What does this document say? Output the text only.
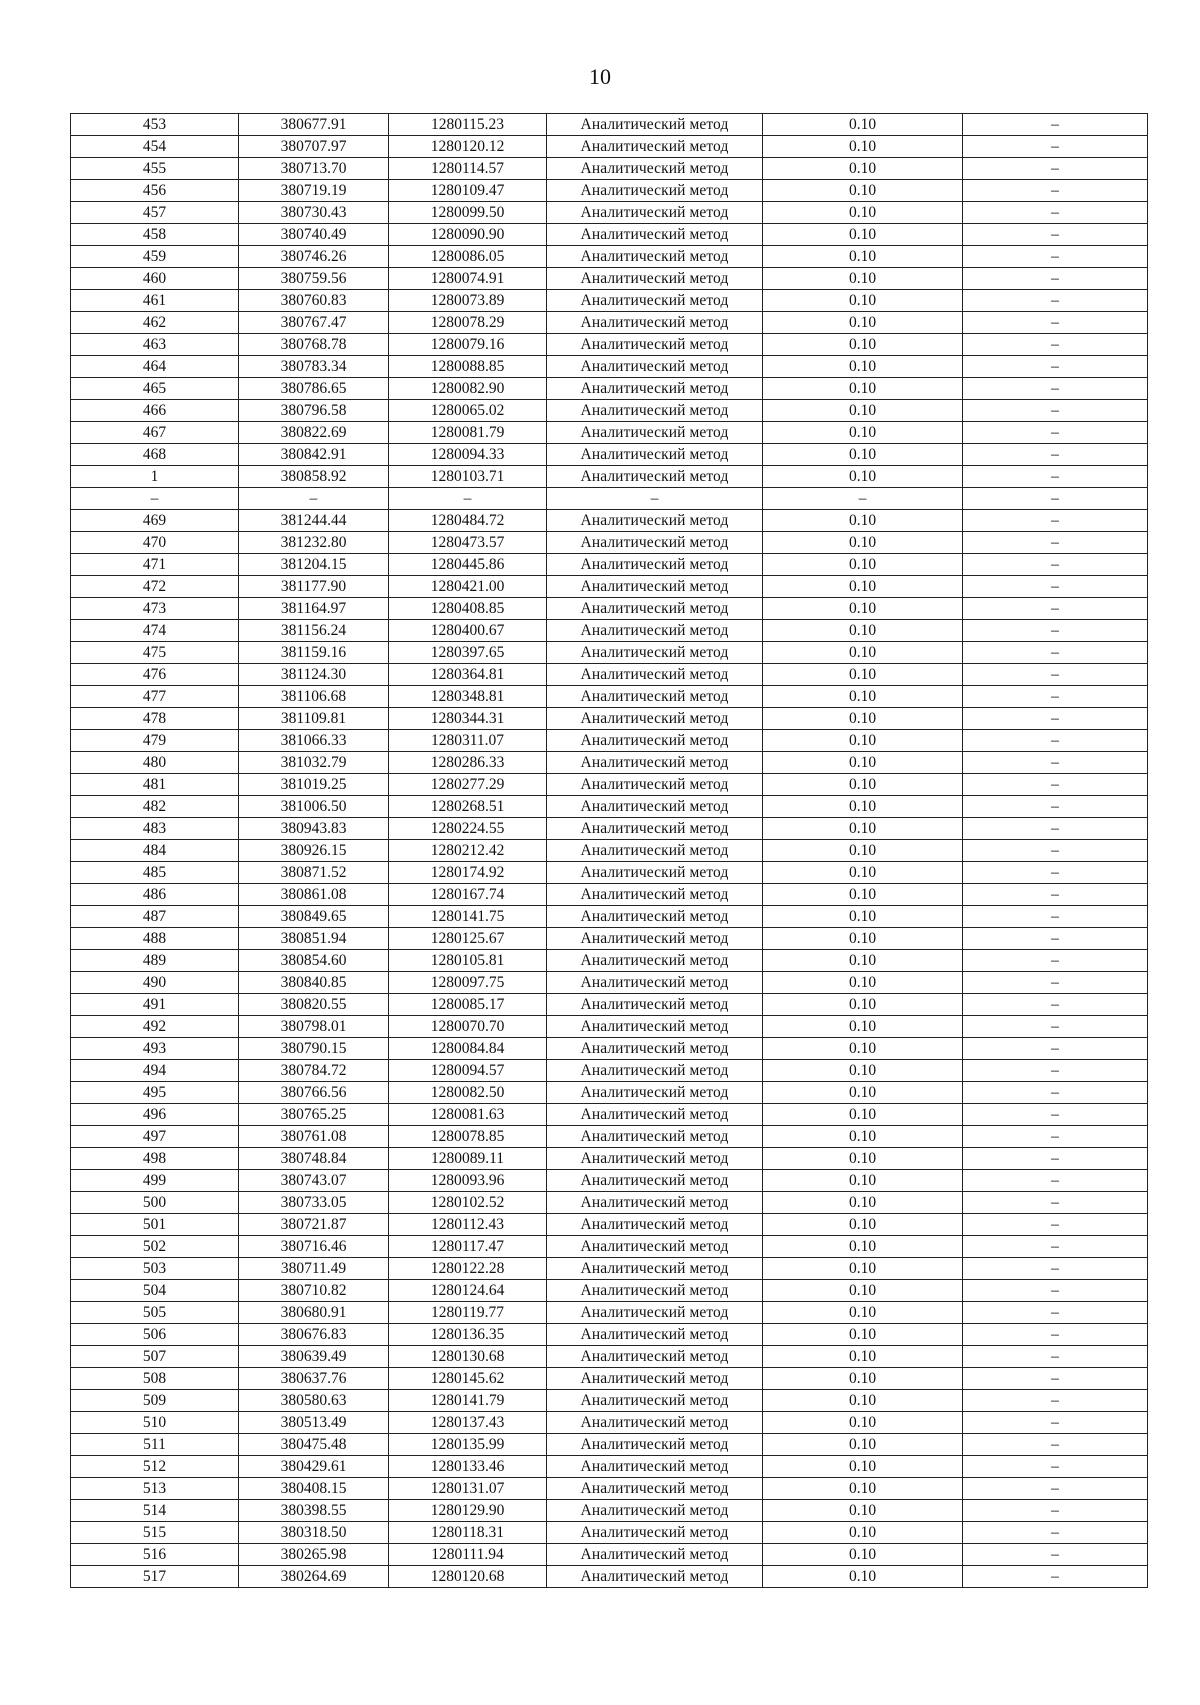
10
453	380677.91	1280115.23	Аналитический метод	0.10	–
454	380707.97	1280120.12	Аналитический метод	0.10	–
455	380713.70	1280114.57	Аналитический метод	0.10	–
456	380719.19	1280109.47	Аналитический метод	0.10	–
457	380730.43	1280099.50	Аналитический метод	0.10	–
458	380740.49	1280090.90	Аналитический метод	0.10	–
459	380746.26	1280086.05	Аналитический метод	0.10	–
460	380759.56	1280074.91	Аналитический метод	0.10	–
461	380760.83	1280073.89	Аналитический метод	0.10	–
462	380767.47	1280078.29	Аналитический метод	0.10	–
463	380768.78	1280079.16	Аналитический метод	0.10	–
464	380783.34	1280088.85	Аналитический метод	0.10	–
465	380786.65	1280082.90	Аналитический метод	0.10	–
466	380796.58	1280065.02	Аналитический метод	0.10	–
467	380822.69	1280081.79	Аналитический метод	0.10	–
468	380842.91	1280094.33	Аналитический метод	0.10	–
1	380858.92	1280103.71	Аналитический метод	0.10	–
–	–	–	–	–	–
469	381244.44	1280484.72	Аналитический метод	0.10	–
470	381232.80	1280473.57	Аналитический метод	0.10	–
471	381204.15	1280445.86	Аналитический метод	0.10	–
472	381177.90	1280421.00	Аналитический метод	0.10	–
473	381164.97	1280408.85	Аналитический метод	0.10	–
474	381156.24	1280400.67	Аналитический метод	0.10	–
475	381159.16	1280397.65	Аналитический метод	0.10	–
476	381124.30	1280364.81	Аналитический метод	0.10	–
477	381106.68	1280348.81	Аналитический метод	0.10	–
478	381109.81	1280344.31	Аналитический метод	0.10	–
479	381066.33	1280311.07	Аналитический метод	0.10	–
480	381032.79	1280286.33	Аналитический метод	0.10	–
481	381019.25	1280277.29	Аналитический метод	0.10	–
482	381006.50	1280268.51	Аналитический метод	0.10	–
483	380943.83	1280224.55	Аналитический метод	0.10	–
484	380926.15	1280212.42	Аналитический метод	0.10	–
485	380871.52	1280174.92	Аналитический метод	0.10	–
486	380861.08	1280167.74	Аналитический метод	0.10	–
487	380849.65	1280141.75	Аналитический метод	0.10	–
488	380851.94	1280125.67	Аналитический метод	0.10	–
489	380854.60	1280105.81	Аналитический метод	0.10	–
490	380840.85	1280097.75	Аналитический метод	0.10	–
491	380820.55	1280085.17	Аналитический метод	0.10	–
492	380798.01	1280070.70	Аналитический метод	0.10	–
493	380790.15	1280084.84	Аналитический метод	0.10	–
494	380784.72	1280094.57	Аналитический метод	0.10	–
495	380766.56	1280082.50	Аналитический метод	0.10	–
496	380765.25	1280081.63	Аналитический метод	0.10	–
497	380761.08	1280078.85	Аналитический метод	0.10	–
498	380748.84	1280089.11	Аналитический метод	0.10	–
499	380743.07	1280093.96	Аналитический метод	0.10	–
500	380733.05	1280102.52	Аналитический метод	0.10	–
501	380721.87	1280112.43	Аналитический метод	0.10	–
502	380716.46	1280117.47	Аналитический метод	0.10	–
503	380711.49	1280122.28	Аналитический метод	0.10	–
504	380710.82	1280124.64	Аналитический метод	0.10	–
505	380680.91	1280119.77	Аналитический метод	0.10	–
506	380676.83	1280136.35	Аналитический метод	0.10	–
507	380639.49	1280130.68	Аналитический метод	0.10	–
508	380637.76	1280145.62	Аналитический метод	0.10	–
509	380580.63	1280141.79	Аналитический метод	0.10	–
510	380513.49	1280137.43	Аналитический метод	0.10	–
511	380475.48	1280135.99	Аналитический метод	0.10	–
512	380429.61	1280133.46	Аналитический метод	0.10	–
513	380408.15	1280131.07	Аналитический метод	0.10	–
514	380398.55	1280129.90	Аналитический метод	0.10	–
515	380318.50	1280118.31	Аналитический метод	0.10	–
516	380265.98	1280111.94	Аналитический метод	0.10	–
517	380264.69	1280120.68	Аналитический метод	0.10	–
